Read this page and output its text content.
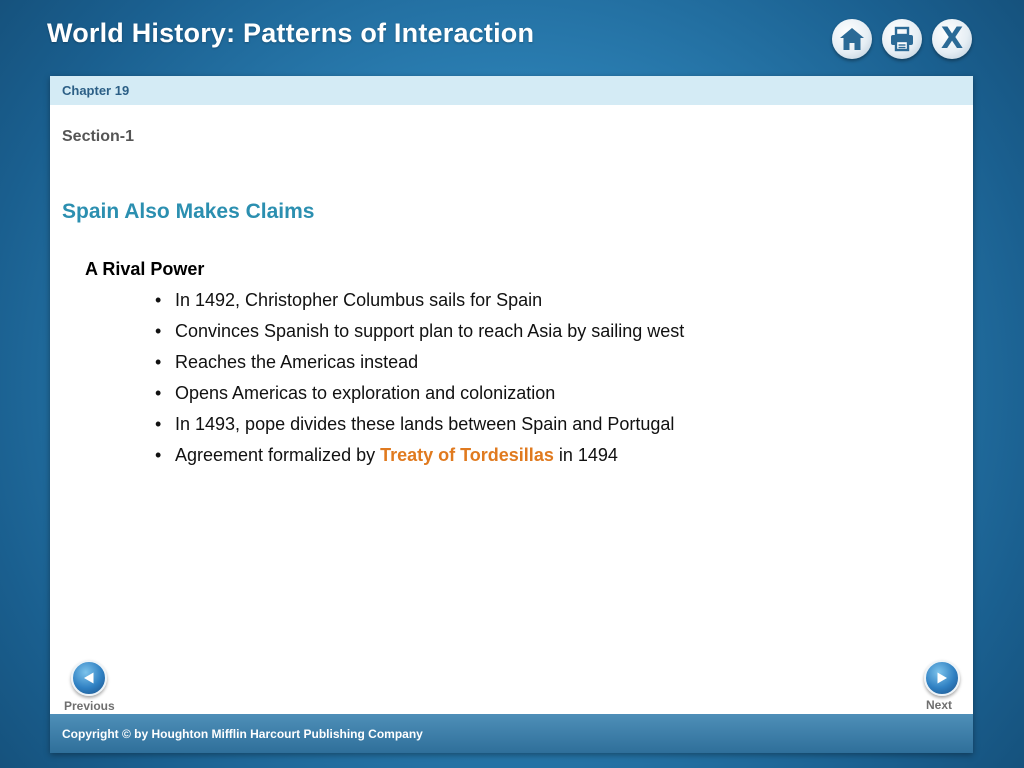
World History: Patterns of Interaction	X
Chapter 19
Section-1
Spain Also Makes Claims
A Rival Power
• In 1492, Christopher Columbus sails for Spain
• Convinces Spanish to support plan to reach Asia by sailing west
• Reaches the Americas instead
• Opens Americas to exploration and colonization
• In 1493, pope divides these lands between Spain and Portugal
• Agreement formalized by Treaty of Tordesillas in 1494
Previous	Next
Copyright © by Houghton Mifflin Harcourt Publishing Company
